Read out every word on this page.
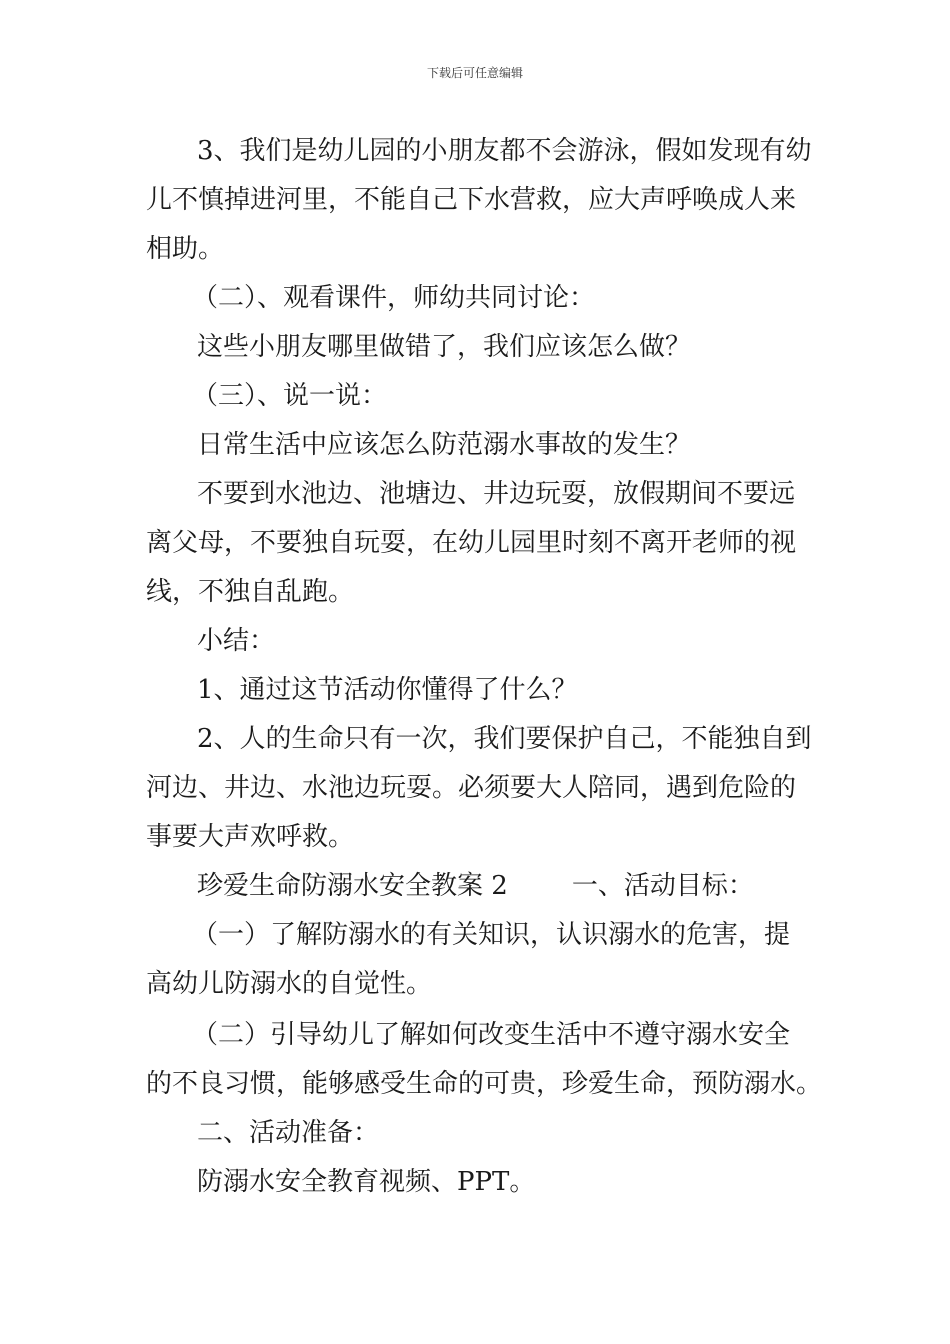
下载后可任意编辑

3、我们是幼儿园的小朋友都不会游泳，假如发现有幼

儿不慎掉进河里，不能自己下水营救，应大声呼唤成人来

相助。

（二）、观看课件，师幼共同讨论：

这些小朋友哪里做错了，我们应该怎么做？

（三）、说一说：

日常生活中应该怎么防范溺水事故的发生？

不要到水池边、池塘边、井边玩耍，放假期间不要远

离父母，不要独自玩耍，在幼儿园里时刻不离开老师的视

线，不独自乱跑。

小结：

1、通过这节活动你懂得了什么？

2、人的生命只有一次，我们要保护自己，不能独自到

河边、井边、水池边玩耍。必须要大人陪同，遇到危险的

事要大声欢呼救。

珍爱生命防溺水安全教案 2 一、活动目标：

（一）了解防溺水的有关知识，认识溺水的危害，提

高幼儿防溺水的自觉性。

（二）引导幼儿了解如何改变生活中不遵守溺水安全

的不良习惯，能够感受生命的可贵，珍爱生命，预防溺水。

二、活动准备：

防溺水安全教育视频、PPT。
